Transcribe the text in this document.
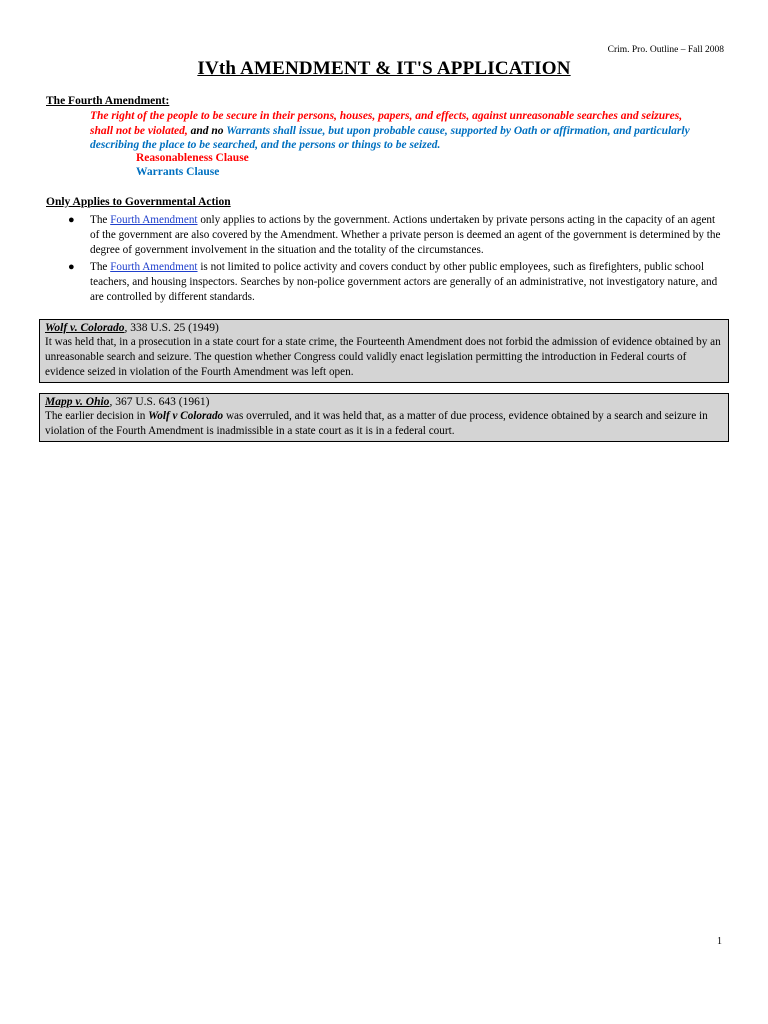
Crim. Pro. Outline – Fall 2008
IVth AMENDMENT & IT'S APPLICATION
The Fourth Amendment:
The right of the people to be secure in their persons, houses, papers, and effects, against unreasonable searches and seizures, shall not be violated, and no Warrants shall issue, but upon probable cause, supported by Oath or affirmation, and particularly describing the place to be searched, and the persons or things to be seized.
Reasonableness Clause
Warrants Clause
Only Applies to Governmental Action
● The Fourth Amendment only applies to actions by the government. Actions undertaken by private persons acting in the capacity of an agent of the government are also covered by the Amendment. Whether a private person is deemed an agent of the government is determined by the degree of government involvement in the situation and the totality of the circumstances.
● The Fourth Amendment is not limited to police activity and covers conduct by other public employees, such as firefighters, public school teachers, and housing inspectors. Searches by non-police government actors are generally of an administrative, not investigatory nature, and are controlled by different standards.
Wolf v. Colorado, 338 U.S. 25 (1949)
It was held that, in a prosecution in a state court for a state crime, the Fourteenth Amendment does not forbid the admission of evidence obtained by an unreasonable search and seizure. The question whether Congress could validly enact legislation permitting the introduction in Federal courts of evidence seized in violation of the Fourth Amendment was left open.
Mapp v. Ohio, 367 U.S. 643 (1961)
The earlier decision in Wolf v Colorado was overruled, and it was held that, as a matter of due process, evidence obtained by a search and seizure in violation of the Fourth Amendment is inadmissible in a state court as it is in a federal court.
1
